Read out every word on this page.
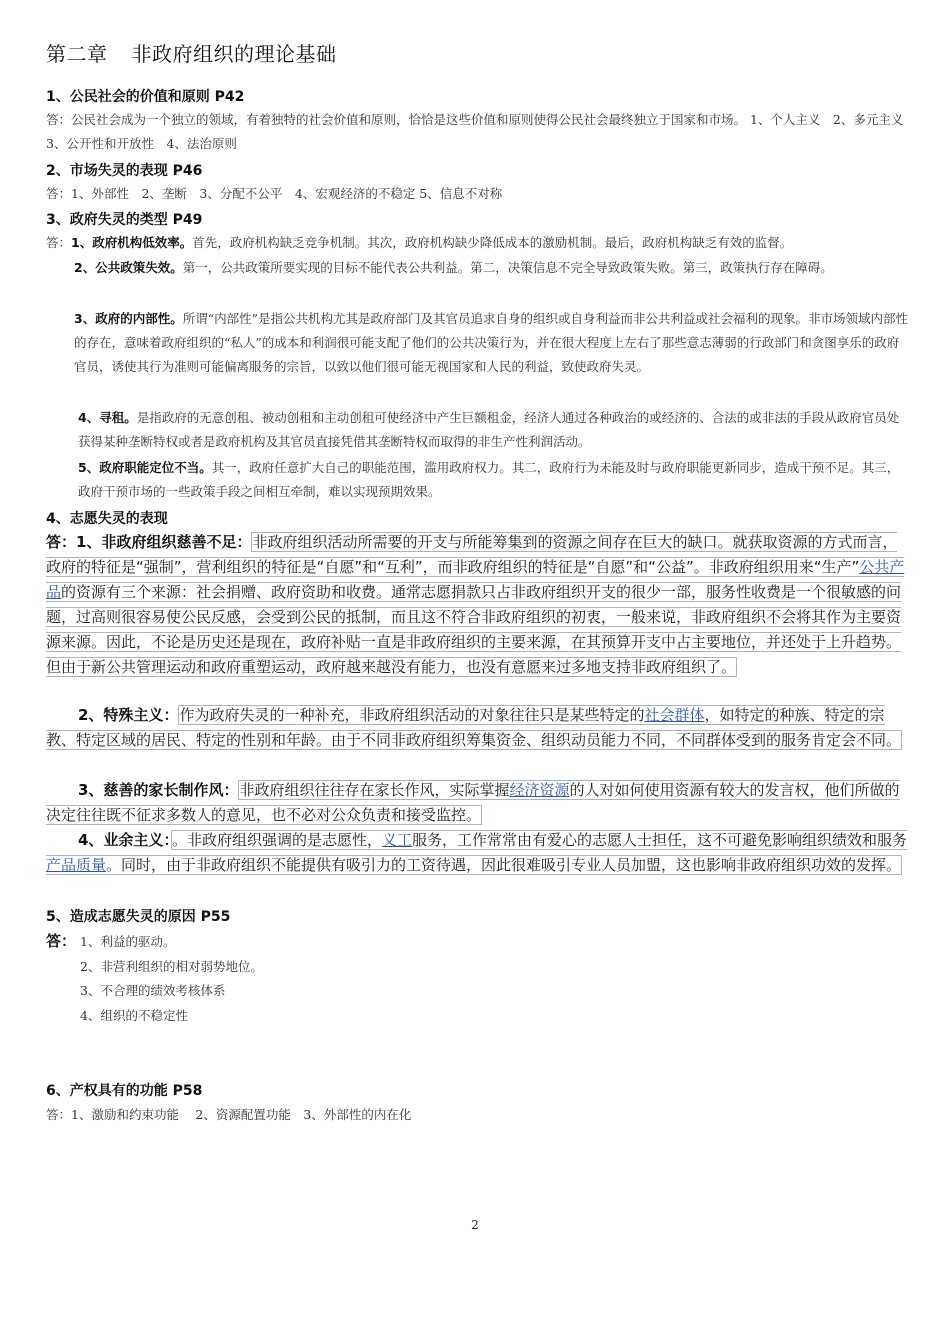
第二章 非政府组织的理论基础
1、公民社会的价值和原则 P42
答：公民社会成为一个独立的领域，有着独特的社会价值和原则，恰恰是这些价值和原则使得公民社会最终独立于国家和市场。 1、个人主义　2、多元主义　 3、公开性和开放性　4、法治原则
2、市场失灵的表现 P46
答：1、外部性　2、垄断　3、分配不公平　4、宏观经济的不稳定 5、信息不对称
3、政府失灵的类型 P49
答：1、政府机构低效率。首先，政府机构缺乏竞争机制。其次，政府机构缺少降低成本的激励机制。最后，政府机构缺乏有效的监督。
2、公共政策失效。第一，公共政策所要实现的目标不能代表公共利益。第二，决策信息不完全导致政策失败。第三，政策执行存在障碍。
3、政府的内部性。所谓“内部性”是指公共机构尤其是政府部门及其官员追求自身的组织或自身利益而非公共利益或社会福利的现象。非市场领域内部性的存在，意味着政府组织的“私人”的成本和利润很可能支配了他们的公共决策行为，并在很大程度上左右了那些意志薄弱的行政部门和贪图享乐的政府官员，诱使其行为准则可能偏离服务的宗旨，以致以他们很可能无视国家和人民的利益，致使政府失灵。
4、寻租。是指政府的无意创租、被动创租和主动创租可使经济中产生巨额租金，经济人通过各种政治的或经济的、合法的或非法的手段从政府官员处获得某种垄断特权或者是政府机构及其官员直接凭借其垄断特权而取得的非生产性利润活动。
5、政府职能定位不当。其一，政府任意扩大自己的职能范围，滥用政府权力。其二，政府行为未能及时与政府职能更新同步，造成干预不足。其三，政府干预市场的一些政策手段之间相互牵制，难以实现预期效果。
4、志愿失灵的表现
答：1、非政府组织慈善不足：非政府组织活动所需要的开支与所能筹集到的资源之间存在巨大的缺口。就获取资源的方式而言，政府的特征是“强制”，营利组织的特征是“自愿”和“互利”，而非政府组织的特征是“自愿”和“公益”。非政府组织用来“生产”公共产品的资源有三个来源：社会捐赠、政府资助和收费。通常志愿捐款只占非政府组织开支的很少一部，服务性收费是一个很敏感的问题，过高则很容易使公民反感，会受到公民的抵制，而且这不符合非政府组织的初衷，一般来说，非政府组织不会将其作为主要资源来源。因此，不论是历史还是现在，政府补贴一直是非政府组织的主要来源，在其预算开支中占主要地位，并还处于上升趋势。但由于新公共管理运动和政府重塑运动，政府越来越没有能力，也没有意愿来过多地支持非政府组织了。
2、特殊主义：作为政府失灵的一种补充，非政府组织活动的对象往往只是某些特定的社会群体，如特定的种族、特定的宗教、特定区域的居民、特定的性别和年龄。由于不同非政府组织筹集资金、组织动员能力不同，不同群体受到的服务肯定会不同。
3、慈善的家长制作风：非政府组织往往存在家长作风，实际掌握经济资源的人对如何使用资源有较大的发言权，他们所做的决定往往既不征求多数人的意见，也不必对公众负责和接受监控。
4、业余主义：。非政府组织强调的是志愿性，义工服务，工作常常由有爱心的志愿人士担任，这不可避免影响组织绩效和服务产品质量。同时，由于非政府组织不能提供有吸引力的工资待遇，因此很难吸引专业人员加盟，这也影响非政府组织功效的发挥。
5、造成志愿失灵的原因 P55
答： 1、利益的驱动。
2、非营利组织的相对弱势地位。
3、不合理的绩效考核体系
4、组织的不稳定性
6、产权具有的功能 P58
答：1、激励和约束功能　 2、资源配置功能　3、外部性的内在化
2
